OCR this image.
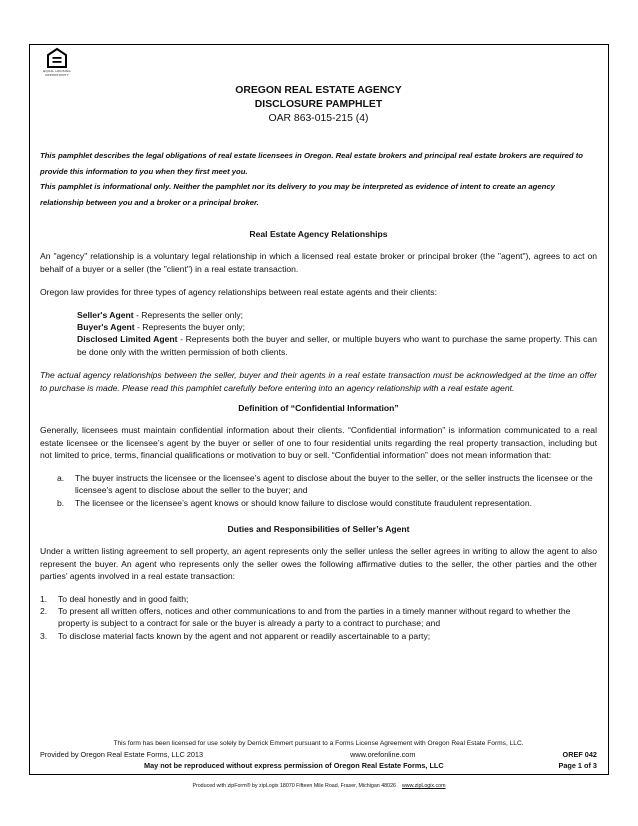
EQUAL HOUSING OPPORTUNITY
OREGON REAL ESTATE AGENCY
DISCLOSURE PAMPHLET
OAR 863-015-215 (4)
This pamphlet describes the legal obligations of real estate licensees in Oregon. Real estate brokers and principal real estate brokers are required to provide this information to you when they first meet you.
This pamphlet is informational only. Neither the pamphlet nor its delivery to you may be interpreted as evidence of intent to create an agency relationship between you and a broker or a principal broker.
Real Estate Agency Relationships

An "agency" relationship is a voluntary legal relationship in which a licensed real estate broker or principal broker (the "agent"), agrees to act on behalf of a buyer or a seller (the "client") in a real estate transaction.

Oregon law provides for three types of agency relationships between real estate agents and their clients:

Seller's Agent - Represents the seller only;
Buyer's Agent - Represents the buyer only;
Disclosed Limited Agent - Represents both the buyer and seller, or multiple buyers who want to purchase the same property. This can be done only with the written permission of both clients.

The actual agency relationships between the seller, buyer and their agents in a real estate transaction must be acknowledged at the time an offer to purchase is made. Please read this pamphlet carefully before entering into an agency relationship with a real estate agent.

Definition of “Confidential Information”

Generally, licensees must maintain confidential information about their clients. “Confidential information” is information communicated to a real estate licensee or the licensee’s agent by the buyer or seller of one to four residential units regarding the real property transaction, including but not limited to price, terms, financial qualifications or motivation to buy or sell. “Confidential information” does not mean information that:

a.	The buyer instructs the licensee or the licensee’s agent to disclose about the buyer to the seller, or the seller instructs the licensee or the licensee’s agent to disclose about the seller to the buyer; and
b.	The licensee or the licensee’s agent knows or should know failure to disclose would constitute fraudulent representation.
Duties and Responsibilities of Seller’s Agent

Under a written listing agreement to sell property, an agent represents only the seller unless the seller agrees in writing to allow the agent to also represent the buyer. An agent who represents only the seller owes the following affirmative duties to the seller, the other parties and the other parties’ agents involved in a real estate transaction:

1.	To deal honestly and in good faith;
2.	To present all written offers, notices and other communications to and from the parties in a timely manner without regard to whether the property is subject to a contract for sale or the buyer is already a party to a contract to purchase; and
3.	To disclose material facts known by the agent and not apparent or readily ascertainable to a party;
This form has been licensed for use solely by Derrick Emmert pursuant to a Forms License Agreement with Oregon Real Estate Forms, LLC.
Provided by Oregon Real Estate Forms, LLC 2013	www.orefonline.com	OREF 042
May not be reproduced without express permission of Oregon Real Estate Forms, LLC	Page 1 of 3
Produced with zipForm® by zipLogix 18070 Fifteen Mile Road, Fraser, Michigan 48026 www.zipLogix.com
